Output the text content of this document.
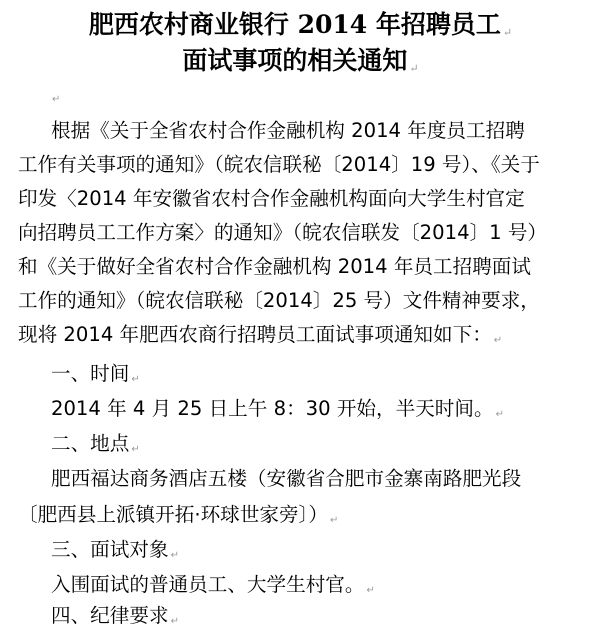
肥西农村商业银行 2014 年招聘员工 ↵
面试事项的相关通知 ↵
↵
根据《关于全省农村合作金融机构 2014 年度员工招聘
工作有关事项的通知》（皖农信联秘〔2014〕19 号）、《关于
印发〈2014 年安徽省农村合作金融机构面向大学生村官定
向招聘员工工作方案〉的通知》（皖农信联发〔2014〕1 号）
和《关于做好全省农村合作金融机构 2014 年员工招聘面试
工作的通知》（皖农信联秘〔2014〕25 号）文件精神要求，
现将 2014 年肥西农商行招聘员工面试事项通知如下： ↵
一、时间 ↵
2014 年 4 月 25 日上午 8：30 开始，半天时间。 ↵
二、地点 ↵
肥西福达商务酒店五楼（安徽省合肥市金寨南路肥光段
〔肥西县上派镇开拓·环球世家旁〕） ↵
三、面试对象 ↵
入围面试的普通员工、大学生村官。 ↵
四、纪律要求 ↵
